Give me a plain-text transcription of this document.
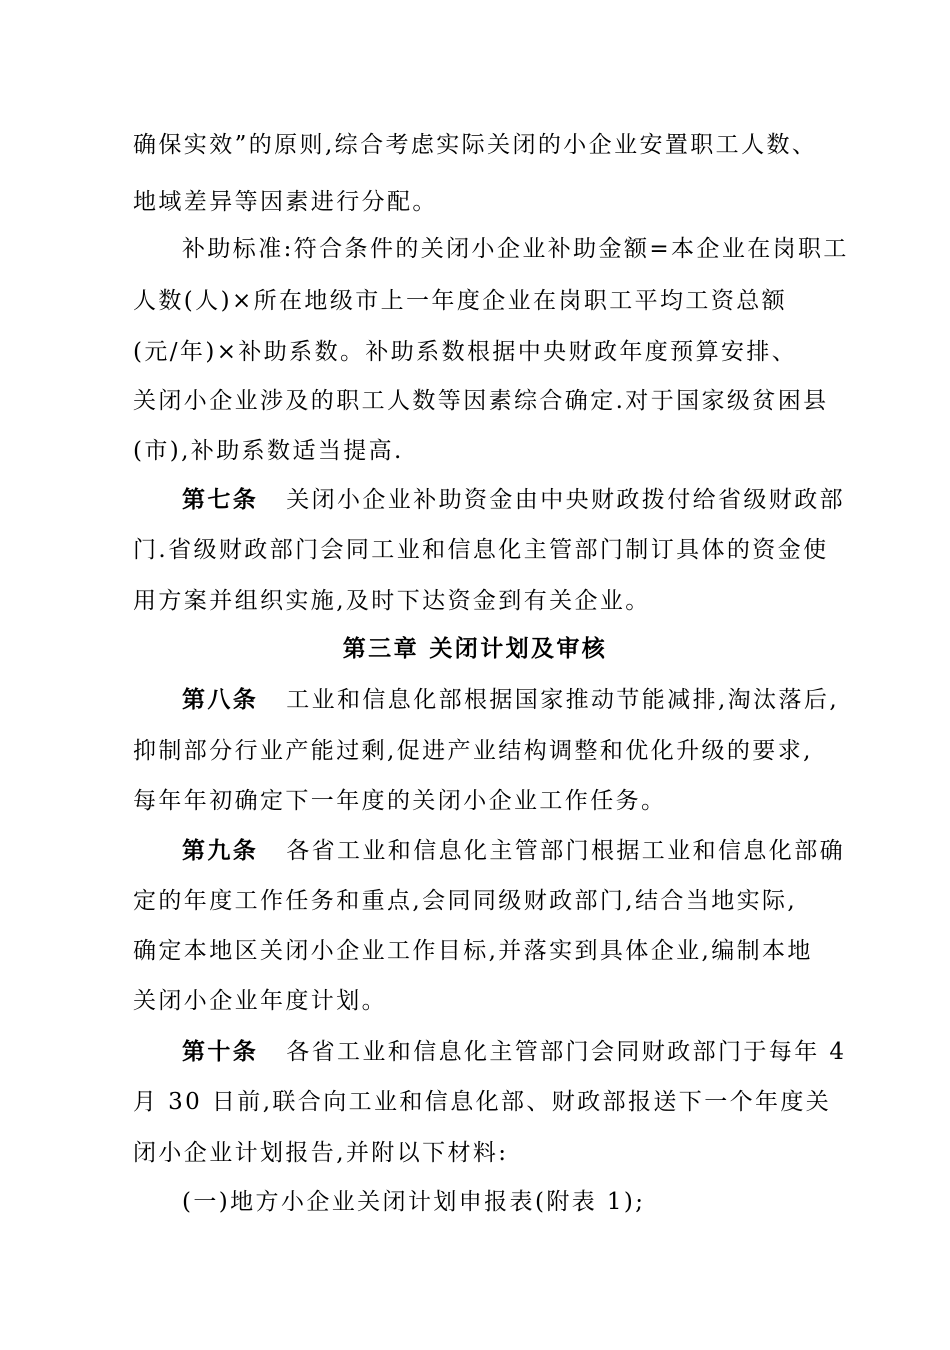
确保实效”的原则,综合考虑实际关闭的小企业安置职工人数、
地域差异等因素进行分配。
补助标准:符合条件的关闭小企业补助金额=本企业在岗职工
人数(人)×所在地级市上一年度企业在岗职工平均工资总额
(元/年)×补助系数。补助系数根据中央财政年度预算安排、
关闭小企业涉及的职工人数等因素综合确定.对于国家级贫困县
(市),补助系数适当提高.
第七条 关闭小企业补助资金由中央财政拨付给省级财政部
门.省级财政部门会同工业和信息化主管部门制订具体的资金使
用方案并组织实施,及时下达资金到有关企业。
第三章 关闭计划及审核
第八条 工业和信息化部根据国家推动节能减排,淘汰落后,
抑制部分行业产能过剩,促进产业结构调整和优化升级的要求,
每年年初确定下一年度的关闭小企业工作任务。
第九条 各省工业和信息化主管部门根据工业和信息化部确
定的年度工作任务和重点,会同同级财政部门,结合当地实际,
确定本地区关闭小企业工作目标,并落实到具体企业,编制本地
关闭小企业年度计划。
第十条 各省工业和信息化主管部门会同财政部门于每年 4
月 30 日前,联合向工业和信息化部、财政部报送下一个年度关
闭小企业计划报告,并附以下材料:
(一)地方小企业关闭计划申报表(附表 1);
